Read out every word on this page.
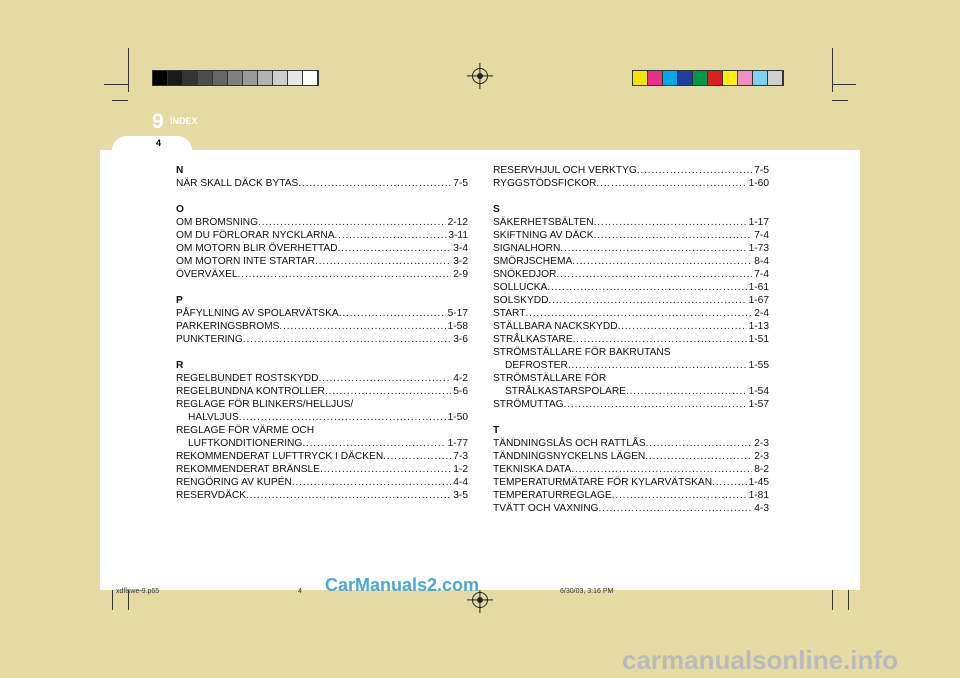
9 INDEX
4
N
NÄR SKALL DÄCK BYTAS . . .	7-5
O
OM BROMSNING . . .	2-12
OM DU FÖRLORAR NYCKLARNA . . .	3-11
OM MOTORN BLIR ÖVERHETTAD . . .	3-4
OM MOTORN INTE STARTAR . . .	3-2
ÖVERVÄXEL . . .	2-9
P
PÅFYLLNING AV SPOLARVÄTSKA . . .	5-17
PARKERINGSBROMS . . .	1-58
PUNKTERING . . .	3-6
R
REGELBUNDET ROSTSKYDD . . .	4-2
REGELBUNDNA KONTROLLER . . .	5-6
REGLAGE FÖR BLINKERS/HELLJUS/
HALVLJUS . . .	1-50
REGLAGE FÖR VÄRME OCH
LUFTKONDITIONERING . . .	1-77
REKOMMENDERAT LUFTTRYCK I DÄCKEN . . .	7-3
REKOMMENDERAT BRÄNSLE . . .	1-2
RENGÖRING AV KUPÉN . . .	4-4
RESERVDÄCK . . .	3-5
RESERVHJUL OCH VERKTYG . . .	7-5
RYGGSTÖDSFICKOR . . .	1-60
S
SÄKERHETSBÄLTEN . . .	1-17
SKIFTNING AV DÄCK . . .	7-4
SIGNALHORN . . .	1-73
SMÖRJSCHEMA . . .	8-4
SNÖKEDJOR . . .	7-4
SOLLUCKA . . .	1-61
SOLSKYDD . . .	1-67
START . . .	2-4
STÄLLBARA NACKSKYDD . . .	1-13
STRÅLKASTARE . . .	1-51
STRÖMSTÄLLARE FÖR BAKRUTANS
DEFROSTER . . .	1-55
STRÖMSTÄLLARE FÖR
STRÅLKASTARSPOLARE . . .	1-54
STRÖMUTTAG . . .	1-57
T
TÄNDNINGSLÅS OCH RATTLÅS . . .	2-3
TÄNDNINGSNYCKELNS LÄGEN . . .	2-3
TEKNISKA DATA . . .	8-2
TEMPERATURMÄTARE FÖR KYLARVÄTSKAN . . .	1-45
TEMPERATURREGLAGE . . .	1-81
TVÄTT OCH VAXNING . . .	4-3
xdflswe-9.p65	4	6/30/03, 3:16 PM
CarManuals2.com
carmanualsonline.info
